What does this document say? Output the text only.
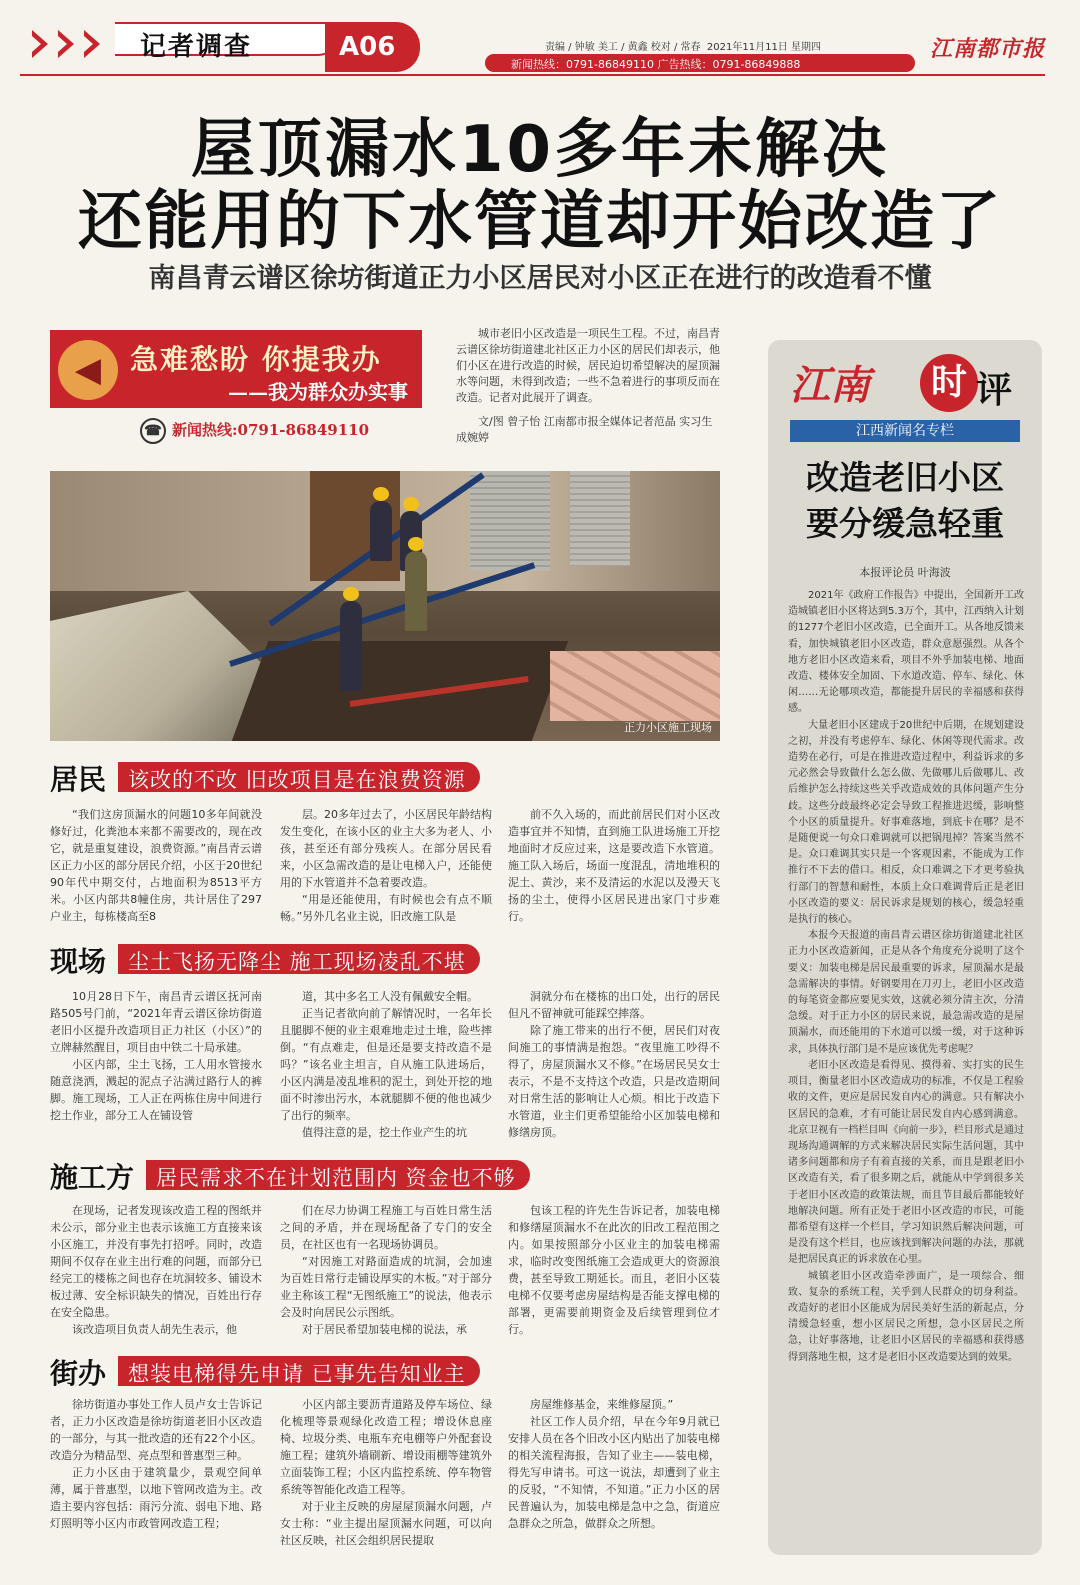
记者调查	A06	责编 / 钟敏 美工 / 黄鑫 校对 / 常春 2021年11月11日 星期四
新闻热线：0791-86849110 广告热线：0791-86849888
江南都市报
屋顶漏水10多年未解决
还能用的下水管道却开始改造了
南昌青云谱区徐坊街道正力小区居民对小区正在进行的改造看不懂
◀	急难愁盼 你提我办
——我为群众办实事
☎ 新闻热线:0791-86849110
城市老旧小区改造是一项民生工程。不过，南昌青云谱区徐坊街道建北社区正力小区的居民们却表示，他们小区在进行改造的时候，居民迫切希望解决的屋顶漏水等问题，未得到改造；一些不急着进行的事项反而在改造。记者对此展开了调查。
文/图 曾子怡 江南都市报全媒体记者范晶 实习生成婉婷
正力小区施工现场
居民	该改的不改 旧改项目是在浪费资源

“我们这房顶漏水的问题10多年间就没修好过，化粪池本来都不需要改的，现在改它，就是重复建设，浪费资源。”南昌青云谱区正力小区的部分居民介绍，小区于20世纪90年代中期交付，占地面积为8513平方米。小区内部共8幢住房，共计居住了297户业主，每栋楼高至8

层。20多年过去了，小区居民年龄结构发生变化，在该小区的业主大多为老人、小孩，甚至还有部分残疾人。在部分居民看来，小区急需改造的是让电梯入户，还能使用的下水管道并不急着要改造。

“用是还能使用，有时候也会有点不顺畅。”另外几名业主说，旧改施工队是

前不久入场的，而此前居民们对小区改造事宜并不知情，直到施工队进场施工开挖地面时才反应过来，这是要改造下水管道。施工队入场后，场面一度混乱，清地堆积的泥土、黄沙，来不及清运的水泥以及漫天飞扬的尘土，使得小区居民进出家门寸步难行。

现场	尘土飞扬无降尘 施工现场凌乱不堪

10月28日下午，南昌青云谱区抚河南路505号门前，“2021年青云谱区徐坊街道老旧小区提升改造项目正力社区（小区）”的立牌赫然醒目，项目由中铁二十局承建。

小区内部，尘土飞扬，工人用水管接水随意浇洒，溅起的泥点子沾满过路行人的裤脚。施工现场，工人正在两栋住房中间进行挖土作业，部分工人在铺设管

道，其中多名工人没有佩戴安全帽。

正当记者欲向前了解情况时，一名年长且腿脚不便的业主艰难地走过土堆，险些摔倒。“有点难走，但是还是要支持改造不是吗？”该名业主坦言，自从施工队进场后，小区内满是凌乱堆积的泥土，到处开挖的地面不时渗出污水，本就腿脚不便的他也减少了出行的频率。

值得注意的是，挖土作业产生的坑

洞就分布在楼栋的出口处，出行的居民但凡不留神就可能踩空摔落。

除了施工带来的出行不便，居民们对夜间施工的事情满是抱怨。“夜里施工吵得不得了，房屋顶漏水又不修。”在场居民吴女士表示，不是不支持这个改造，只是改造期间对日常生活的影响让人心烦。相比于改造下水管道，业主们更希望能给小区加装电梯和修缮房顶。

施工方	居民需求不在计划范围内 资金也不够

在现场，记者发现该改造工程的图纸并未公示，部分业主也表示该施工方直接来该小区施工，并没有事先打招呼。同时，改造期间不仅存在业主出行难的问题，而部分已经完工的楼栋之间也存在坑洞较多、铺设木板过薄、安全标识缺失的情况，百姓出行存在安全隐患。

该改造项目负责人胡先生表示，他

们在尽力协调工程施工与百姓日常生活之间的矛盾，并在现场配备了专门的安全员，在社区也有一名现场协调员。

“对因施工对路面造成的坑洞，会加速为百姓日常行走铺设厚实的木板。”对于部分业主称该工程“无图纸施工”的说法，他表示会及时向居民公示图纸。

对于居民希望加装电梯的说法，承

包该工程的许先生告诉记者，加装电梯和修缮屋顶漏水不在此次的旧改工程范围之内。如果按照部分小区业主的加装电梯需求，临时改变图纸施工会造成更大的资源浪费，甚至导致工期延长。而且，老旧小区装电梯不仅要考虑房屋结构是否能支撑电梯的部署，更需要前期资金及后续管理到位才行。

街办	想装电梯得先申请 已事先告知业主

徐坊街道办事处工作人员卢女士告诉记者，正力小区改造是徐坊街道老旧小区改造的一部分，与其一批改造的还有22个小区。改造分为精品型、亮点型和普惠型三种。

正力小区由于建筑量少，景观空间单薄，属于普惠型，以地下管网改造为主。改造主要内容包括：雨污分流、弱电下地、路灯照明等小区内市政管网改造工程；

小区内部主要沥青道路及停车场位、绿化梳理等景观绿化改造工程；增设休息座椅、垃圾分类、电瓶车充电棚等户外配套设施工程；建筑外墙刷新、增设雨棚等建筑外立面装饰工程；小区内监控系统、停车物管系统等智能化改造工程等。

对于业主反映的房屋屋顶漏水问题，卢女士称：“业主提出屋顶漏水问题，可以向社区反映，社区会组织居民提取

房屋维修基金，来维修屋顶。”

社区工作人员介绍，早在今年9月就已安排人员在各个旧改小区内贴出了加装电梯的相关流程海报，告知了业主——装电梯，得先写申请书。可这一说法，却遭到了业主的反驳，“不知情，不知道。”正力小区的居民普遍认为，加装电梯是急中之急，街道应急群众之所急，做群众之所想。

江南	时 评
江西新闻名专栏
改造老旧小区
要分缓急轻重
本报评论员 叶海波

2021年《政府工作报告》中提出，全国新开工改造城镇老旧小区将达到5.3万个，其中，江西纳入计划的1277个老旧小区改造，已全面开工。从各地反馈来看，加快城镇老旧小区改造，群众意愿强烈。从各个地方老旧小区改造来看，项目不外乎加装电梯、地面改造、楼体安全加固、下水道改造、停车、绿化、休闲……无论哪项改造，都能提升居民的幸福感和获得感。

大量老旧小区建成于20世纪中后期，在规划建设之初，并没有考虑停车、绿化、休闲等现代需求。改造势在必行，可是在推进改造过程中，利益诉求的多元必然会导致做什么怎么做、先做哪儿后做哪儿、改后维护怎么持续这些关乎改造成效的具体问题产生分歧。这些分歧最终必定会导致工程推进迟缓，影响整个小区的质量提升。好事难落地，到底卡在哪？是不是随便说一句众口难调就可以把锅甩掉？答案当然不是。众口难调其实只是一个客观因素，不能成为工作推行不下去的借口。相反，众口难调之下才更考验执行部门的智慧和耐性，本质上众口难调背后正是老旧小区改造的要义：居民诉求是规划的核心，缓急轻重是执行的核心。

本报今天报道的南昌青云谱区徐坊街道建北社区正力小区改造新闻，正是从各个角度充分说明了这个要义：加装电梯是居民最重要的诉求，屋顶漏水是最急需解决的事情。好钢要用在刀刃上，老旧小区改造的每笔资金都应要见实效，这就必须分清主次，分清急缓。对于正力小区的居民来说，最急需改造的是屋顶漏水，而还能用的下水道可以缓一缓，对于这种诉求，具体执行部门是不是应该优先考虑呢？

老旧小区改造是看得见、摸得着、实打实的民生项目，衡量老旧小区改造成功的标准，不仅是工程验收的文件，更应是居民发自内心的满意。只有解决小区居民的急难，才有可能让居民发自内心感到满意。北京卫视有一档栏目叫《向前一步》，栏目形式是通过现场沟通调解的方式来解决居民实际生活问题，其中诸多问题都和房子有着直接的关系，而且是跟老旧小区改造有关，看了很多期之后，就能从中学到很多关于老旧小区改造的政策法规，而且节目最后都能较好地解决问题。所有正处于老旧小区改造的市民，可能都希望有这样一个栏目，学习知识然后解决问题，可是没有这个栏目，也应该找到解决问题的办法，那就是把居民真正的诉求放在心里。

城镇老旧小区改造牵涉面广，是一项综合、细致、复杂的系统工程，关乎到人民群众的切身利益。改造好的老旧小区能成为居民美好生活的新起点，分清缓急轻重，想小区居民之所想，急小区居民之所急，让好事落地，让老旧小区居民的幸福感和获得感得到落地生根，这才是老旧小区改造要达到的效果。
